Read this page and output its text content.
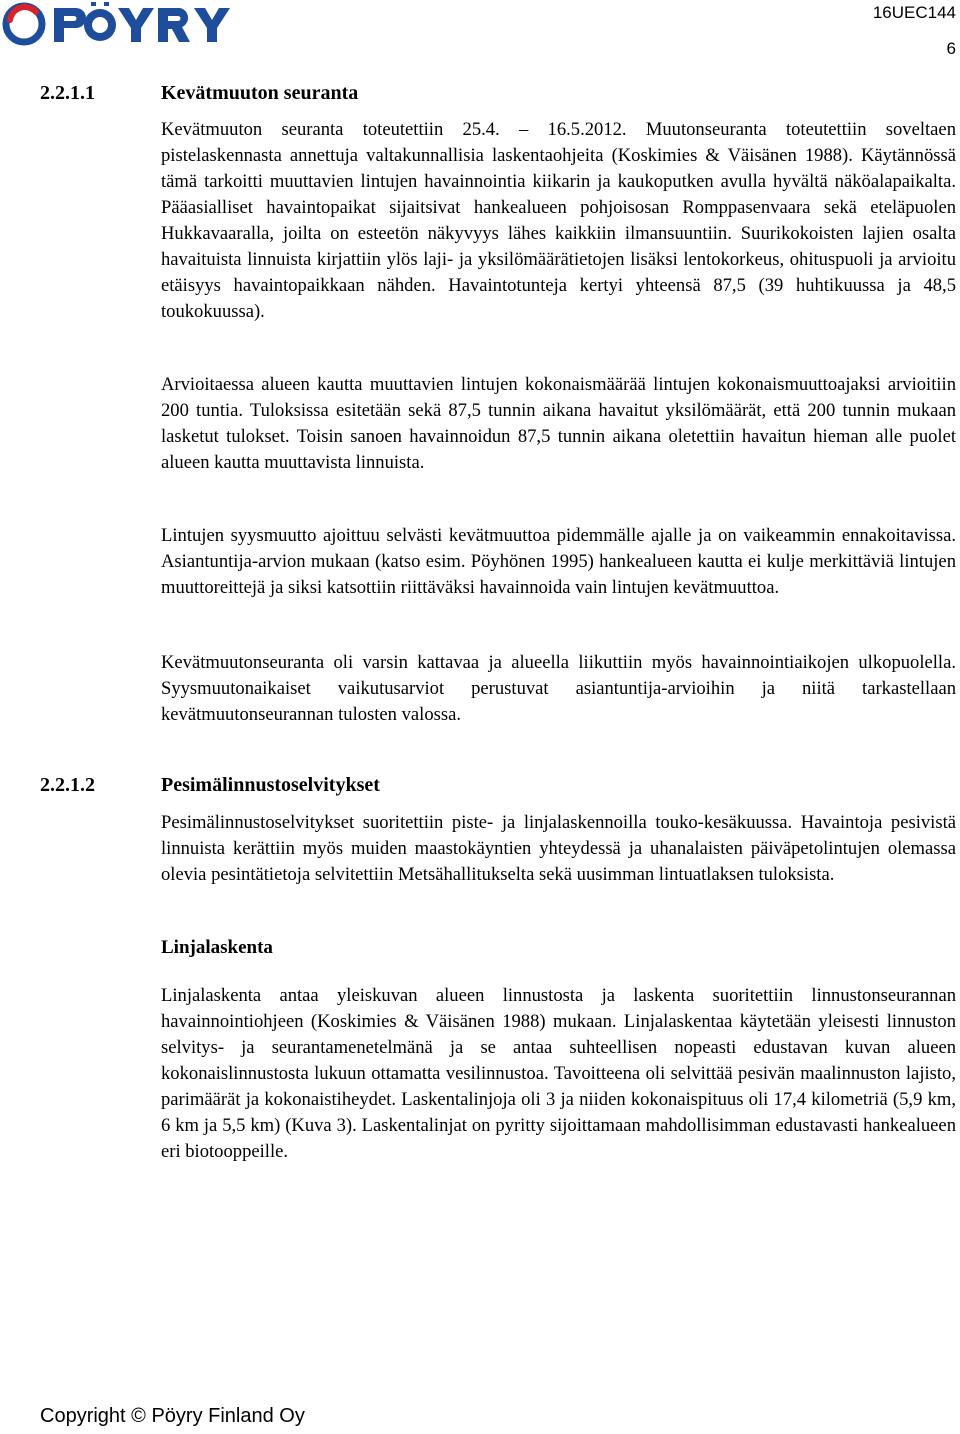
16UEC144
6
2.2.1.1	Kevätmuuton seuranta

Kevätmuuton seuranta toteutettiin 25.4. – 16.5.2012. Muutonseuranta toteutettiin soveltaen pistelaskennasta annettuja valtakunnallisia laskentaohjeita (Koskimies & Väisänen 1988). Käytännössä tämä tarkoitti muuttavien lintujen havainnointia kiikarin ja kaukoputken avulla hyvältä näköalapaikalta. Pääasialliset havaintopaikat sijaitsivat hankealueen pohjoisosan Romppasenvaara sekä eteläpuolen Hukkavaaralla, joilta on esteetön näkyvyys lähes kaikkiin ilmansuuntiin. Suurikokoisten lajien osalta havaituista linnuista kirjattiin ylös laji- ja yksilömäärätietojen lisäksi lentokorkeus, ohituspuoli ja arvioitu etäisyys havaintopaikkaan nähden. Havaintotunteja kertyi yhteensä 87,5 (39 huhtikuussa ja 48,5 toukokuussa).

Arvioitaessa alueen kautta muuttavien lintujen kokonaismäärää lintujen kokonaismuuttoajaksi arvioitiin 200 tuntia. Tuloksissa esitetään sekä 87,5 tunnin aikana havaitut yksilömäärät, että 200 tunnin mukaan lasketut tulokset. Toisin sanoen havainnoidun 87,5 tunnin aikana oletettiin havaitun hieman alle puolet alueen kautta muuttavista linnuista.

Lintujen syysmuutto ajoittuu selvästi kevätmuuttoa pidemmälle ajalle ja on vaikeammin ennakoitavissa. Asiantuntija-arvion mukaan (katso esim. Pöyhönen 1995) hankealueen kautta ei kulje merkittäviä lintujen muuttoreittejä ja siksi katsottiin riittäväksi havainnoida vain lintujen kevätmuuttoa.

Kevätmuutonseuranta oli varsin kattavaa ja alueella liikuttiin myös havainnointiaikojen ulkopuolella. Syysmuutonaikaiset vaikutusarviot perustuvat asiantuntija-arvioihin ja niitä tarkastellaan kevätmuutonseurannan tulosten valossa.

2.2.1.2	Pesimälinnustoselvitykset

Pesimälinnustoselvitykset suoritettiin piste- ja linjalaskennoilla touko-kesäkuussa. Havaintoja pesivistä linnuista kerättiin myös muiden maastokäyntien yhteydessä ja uhanalaisten päiväpetolintujen olemassa olevia pesintätietoja selvitettiin Metsähallitukselta sekä uusimman lintuatlaksen tuloksista.

Linjalaskenta

Linjalaskenta antaa yleiskuvan alueen linnustosta ja laskenta suoritettiin linnustonseurannan havainnointiohjeen (Koskimies & Väisänen 1988) mukaan. Linjalaskentaa käytetään yleisesti linnuston selvitys- ja seurantamenetelmänä ja se antaa suhteellisen nopeasti edustavan kuvan alueen kokonaislinnustosta lukuun ottamatta vesilinnustoa. Tavoitteena oli selvittää pesivän maalinnuston lajisto, parimäärät ja kokonaistiheydet. Laskentalinjoja oli 3 ja niiden kokonaispituus oli 17,4 kilometriä (5,9 km, 6 km ja 5,5 km) (Kuva 3). Laskentalinjat on pyritty sijoittamaan mahdollisimman edustavasti hankealueen eri biotooppeille.

Copyright © Pöyry Finland Oy
